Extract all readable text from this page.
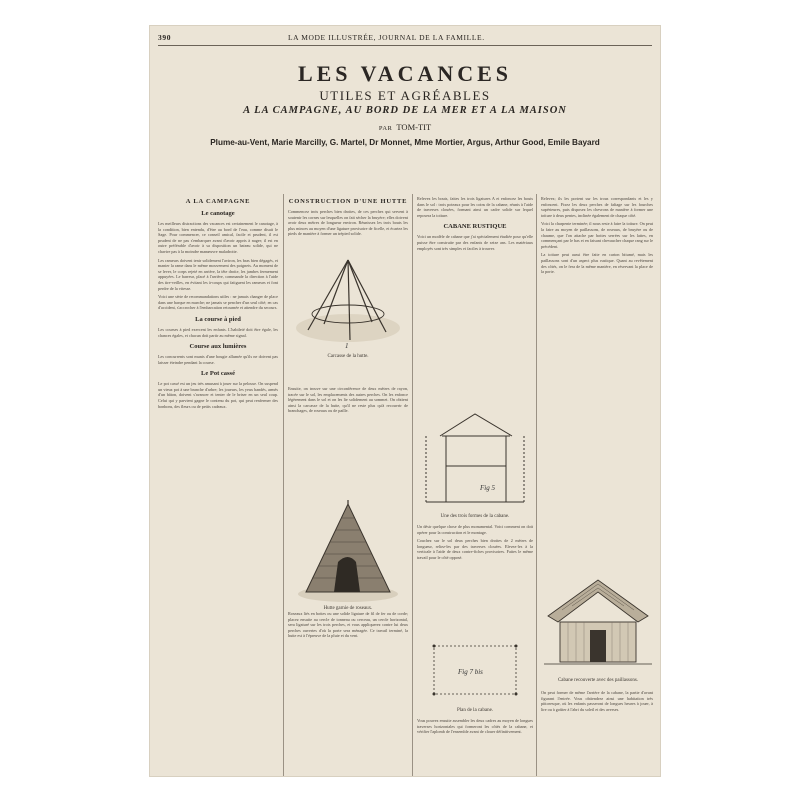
390	LA MODE ILLUSTRÉE, JOURNAL DE LA FAMILLE.
LES VACANCES
UTILES ET AGRÉABLES
A LA CAMPAGNE, AU BORD DE LA MER ET A LA MAISON
PAR TOM-TIT
Plume-au-Vent, Marie Marcilly, G. Martel, Dr Monnet, Mme Mortier, Argus, Arthur Good, Emile Bayard
A LA CAMPAGNE
Le canotage
Les meilleurs distractions des vacances est certainement le canotage, à la condition, bien entendu, d'être au bord de l'eau, comme disait le Sage. Pour commencer, ce conseil amical, facile et prudent, il est prudent de ne pas s'embarquer avant d'avoir appris à nager; il est en outre préférable d'avoir à sa disposition un bateau solide, qui ne chavire pas à la moindre manœuvre maladroite.
Les rameurs doivent tenir solidement l'aviron, les bras bien dégagés, et manier la rame dans le même mouvement des poignets. Au moment de se lever, le corps rejeté en arrière, la tête droite, les jambes fermement appuyées. Le barreur, placé à l'arrière, commande la direction à l'aide des tire-veilles, en évitant les à-coups qui fatiguent les rameurs et font perdre de la vitesse.
Voici une série de recommandations utiles : ne jamais changer de place dans une barque en marche; ne jamais se pencher d'un seul côté; en cas d'accident, s'accrocher à l'embarcation retournée et attendre du secours.
La course à pied
Les courses à pied exercent les enfants. L'habileté doit être égale, les chances égales, et chacun doit partir au même signal.
Course aux lumières
Les concurrents sont munis d'une bougie allumée qu'ils ne doivent pas laisser éteindre pendant la course.
Le Pot cassé
Le pot cassé est un jeu très amusant à jouer sur la pelouse. On suspend un vieux pot à une branche d'arbre; les joueurs, les yeux bandés, armés d'un bâton, doivent s'avancer et tenter de le briser en un seul coup. Celui qui y parvient gagne le contenu du pot, qui peut renfermer des bonbons, des fleurs ou de petits cadeaux.
CONSTRUCTION D'UNE HUTTE
Commencez trois perches bien droites, de ces perches qui servent à soutenir les cornes sur lesquelles on fait sécher la bruyère; elles doivent avoir deux mètres de longueur environ. Réunissez les trois bouts les plus minces au moyen d'une ligature provisoire de ficelle, et écartez les pieds de manière à former un trépied solide.
Ensuite, on trouve sur une circonférence de deux mètres de rayon, tracée sur le sol, les emplacements des autres perches. On les enfonce légèrement dans le sol et on les lie solidement au sommet. On obtient ainsi la carcasse de la hutte, qu'il ne reste plus qu'à recouvrir de branchages, de roseaux ou de paille.
Roseaux liés en bottes ou une solide ligature de fil de fer ou de corde; placez ensuite au cercle de tonneau ou cerceau, un cercle horizontal, sera ligaturé sur les trois perches, et vous appliquerez contre lui deux perches ouvertes d'où la porte sera ménagée. Ce travail terminé, la hutte est à l'épreuve de la pluie et du vent.
1
Carcasse de la hutte.
Hutte garnie de roseaux.
Relevez les bouts, faites les trois ligatures A et enfoncez les bouts dans le sol : trois poteaux pour les coins de la cabane, réunis à l'aide de traverses clouées, formant ainsi un cadre solide sur lequel reposera la toiture.
CABANE RUSTIQUE
Voici un modèle de cabane que j'ai spécialement étudiée pour qu'elle puisse être construite par des enfants de seize ans. Les matériaux employés sont très simples et faciles à trouver.
Fig 5
Une des trois formes de la cabane.
Un désir quelque chose de plus monumental. Voici comment on doit opérer pour la construction et le montage.
Couchez sur le sol deux perches bien droites de 2 mètres de longueur, reliez-les par des traverses clouées. Elevez-les à la verticale à l'aide de deux contre-fiches provisoires. Faites le même travail pour le côté opposé.
Fig 7 bis
Plan de la cabane.
Vous pouvez ensuite assembler les deux cadres au moyen de longues traverses horizontales qui formeront les côtés de la cabane, et vérifier l'aplomb de l'ensemble avant de clouer définitivement.
Relevez; ils les portent sur les trous correspondants et les y enfoncent. Fixez les deux perches de faîtage sur les fourches supérieures, puis disposez les chevrons de manière à former une toiture à deux pentes, inclinée également de chaque côté.
Voici la charpente terminée; il nous reste à faire la toiture. On peut la faire au moyen de paillassons, de roseaux, de bruyère ou de chaume, que l'on attache par bottes serrées sur les lattes, en commençant par le bas et en faisant chevaucher chaque rang sur le précédent.
La toiture peut aussi être faite en carton bitumé, mais les paillassons sont d'un aspect plus rustique. Quant au revêtement des côtés, on le fera de la même manière, en réservant la place de la porte.
Cabane recouverte avec des paillassons.
On peut former de même l'arrière de la cabane, la partie d'avant figurant l'entrée. Vous obtiendrez ainsi une habitation très pittoresque, où les enfants passeront de longues heures à jouer, à lire ou à goûter à l'abri du soleil et des averses.
